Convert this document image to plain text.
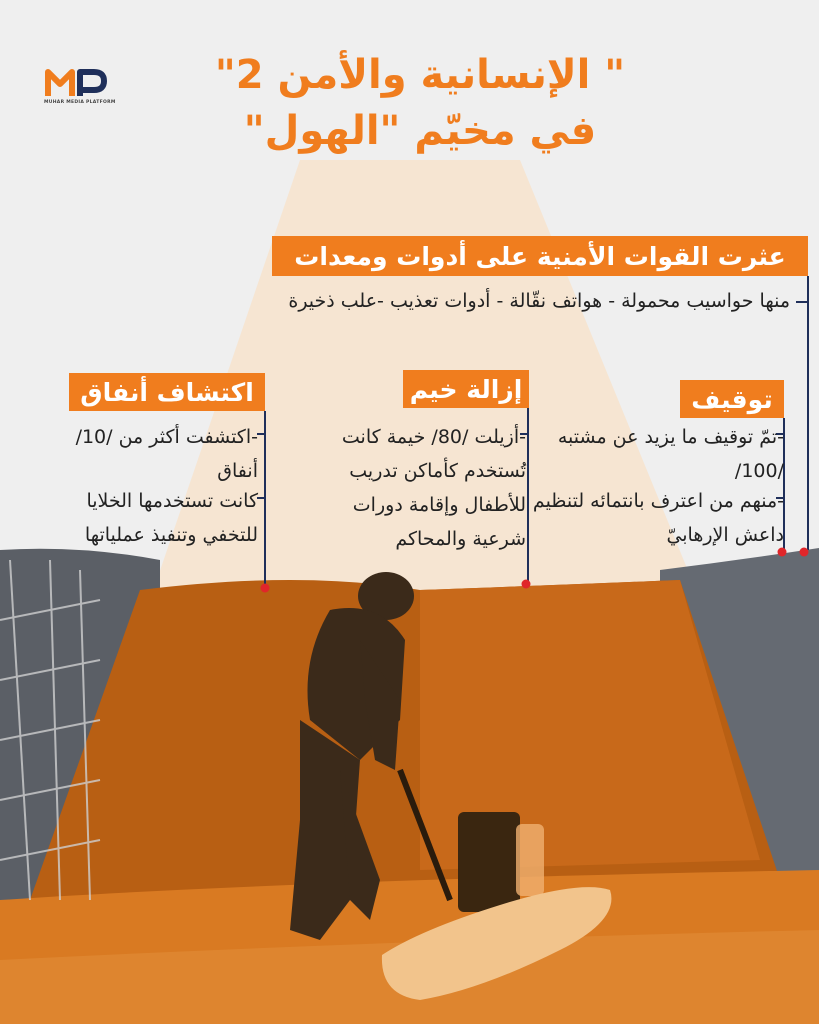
MUHAR MEDIA PLATFORM
" الإنسانية والأمن 2"
في مخيّم "الهول"
عثرت القوات الأمنية على أدوات ومعدات
منها حواسيب محمولة - هواتف نقّالة - أدوات تعذيب -علب ذخيرة
توقيف
-تمّ توقيف ما يزيد عن مشتبه /100/
-منهم من اعترف بانتمائه لتنظيم داعش الإرهابيّ
إزالة خيم
-أزيلت /80/ خيمة كانت تُستخدم كأماكن تدريب
للأطفال وإقامة دورات شرعية والمحاكم
اكتشاف أنفاق
-اكتشفت أكثر من /10/ أنفاق
كانت تستخدمها الخلايا للتخفي وتنفيذ عملياتها
